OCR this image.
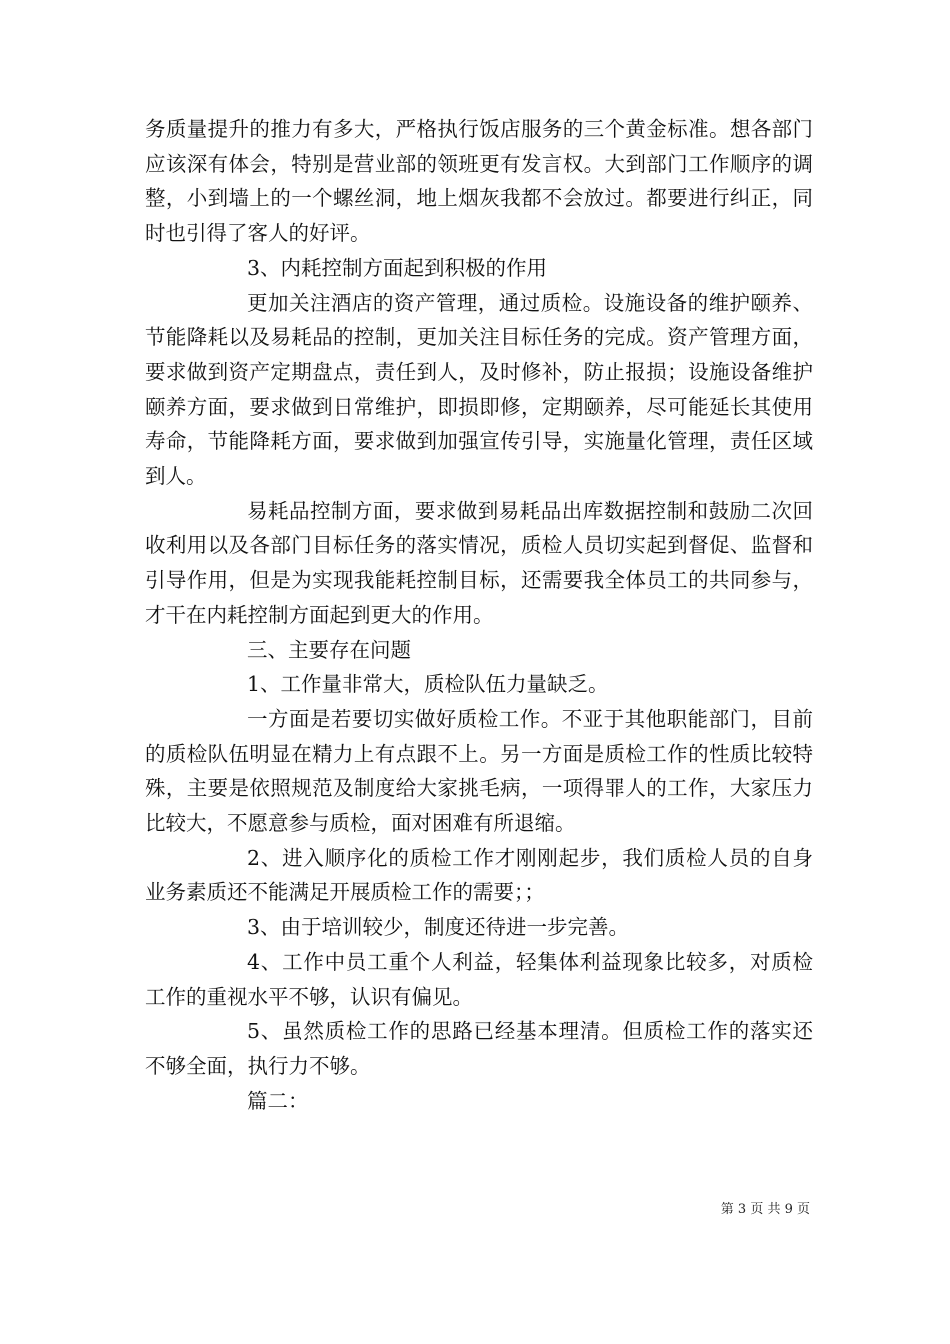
务质量提升的推力有多大，严格执行饭店服务的三个黄金标准。想各部门应该深有体会，特别是营业部的领班更有发言权。大到部门工作顺序的调整，小到墙上的一个螺丝洞，地上烟灰我都不会放过。都要进行纠正，同时也引得了客人的好评。

3、内耗控制方面起到积极的作用

更加关注酒店的资产管理，通过质检。设施设备的维护颐养、节能降耗以及易耗品的控制，更加关注目标任务的完成。资产管理方面，要求做到资产定期盘点，责任到人，及时修补，防止报损；设施设备维护颐养方面，要求做到日常维护，即损即修，定期颐养，尽可能延长其使用寿命，节能降耗方面，要求做到加强宣传引导，实施量化管理，责任区域到人。

易耗品控制方面，要求做到易耗品出库数据控制和鼓励二次回收利用以及各部门目标任务的落实情况，质检人员切实起到督促、监督和引导作用，但是为实现我能耗控制目标，还需要我全体员工的共同参与，才干在内耗控制方面起到更大的作用。

三、主要存在问题

1、工作量非常大，质检队伍力量缺乏。

一方面是若要切实做好质检工作。不亚于其他职能部门，目前的质检队伍明显在精力上有点跟不上。另一方面是质检工作的性质比较特殊，主要是依照规范及制度给大家挑毛病，一项得罪人的工作，大家压力比较大，不愿意参与质检，面对困难有所退缩。

2、进入顺序化的质检工作才刚刚起步，我们质检人员的自身业务素质还不能满足开展质检工作的需要；；

3、由于培训较少，制度还待进一步完善。

4、工作中员工重个人利益，轻集体利益现象比较多，对质检工作的重视水平不够，认识有偏见。

5、虽然质检工作的思路已经基本理清。但质检工作的落实还不够全面，执行力不够。

篇二：

第 3 页 共 9 页
